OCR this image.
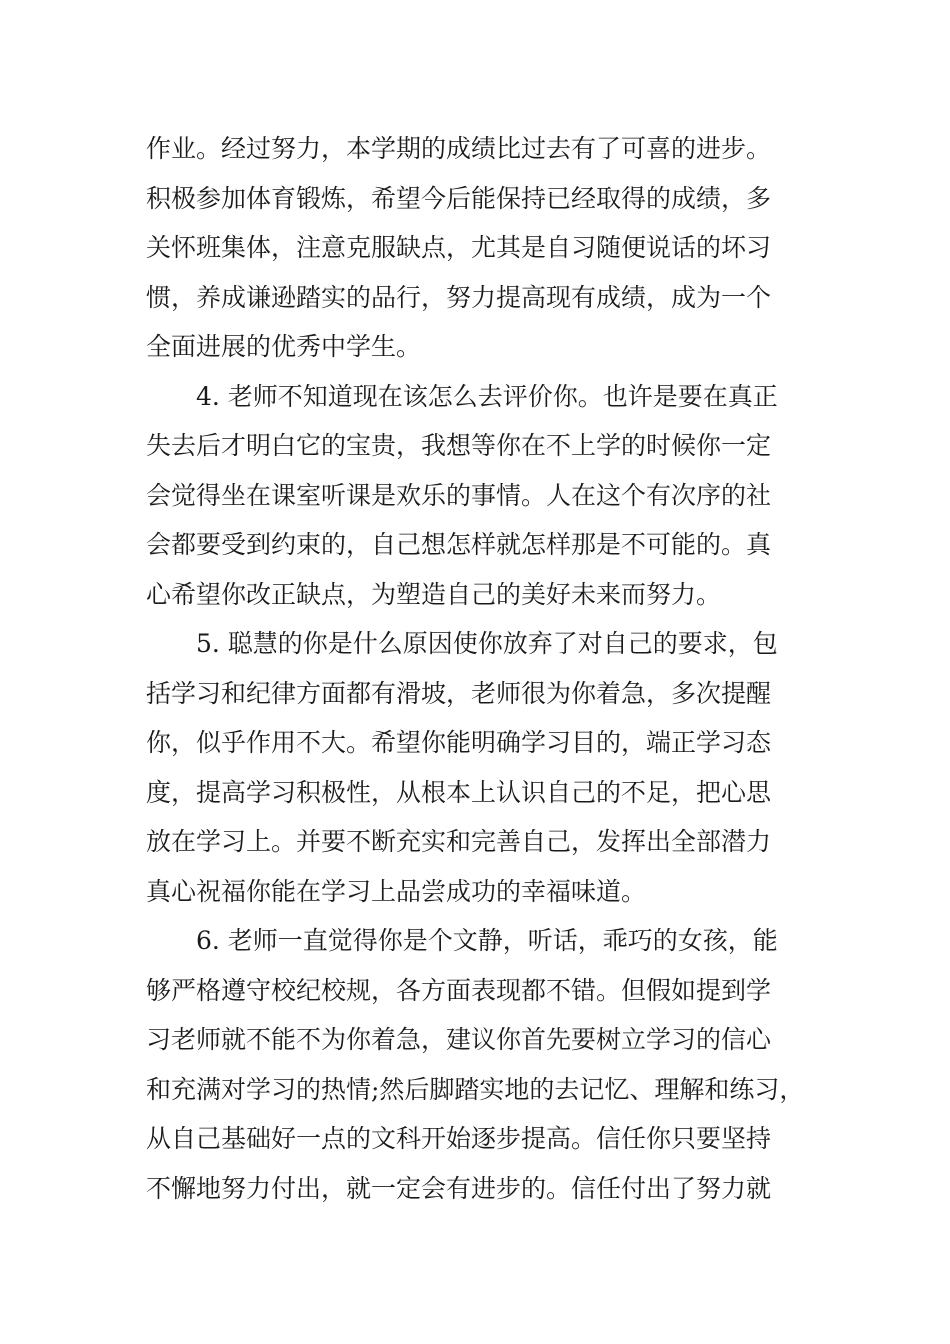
作业。经过努力，本学期的成绩比过去有了可喜的进步。
积极参加体育锻炼，希望今后能保持已经取得的成绩，多
关怀班集体，注意克服缺点，尤其是自习随便说话的坏习
惯，养成谦逊踏实的品行，努力提高现有成绩，成为一个
全面进展的优秀中学生。
4. 老师不知道现在该怎么去评价你。也许是要在真正
失去后才明白它的宝贵，我想等你在不上学的时候你一定
会觉得坐在课室听课是欢乐的事情。人在这个有次序的社
会都要受到约束的，自己想怎样就怎样那是不可能的。真
心希望你改正缺点，为塑造自己的美好未来而努力。
5. 聪慧的你是什么原因使你放弃了对自己的要求，包
括学习和纪律方面都有滑坡，老师很为你着急，多次提醒
你，似乎作用不大。希望你能明确学习目的，端正学习态
度，提高学习积极性，从根本上认识自己的不足，把心思
放在学习上。并要不断充实和完善自己，发挥出全部潜力
真心祝福你能在学习上品尝成功的幸福味道。
6. 老师一直觉得你是个文静，听话，乖巧的女孩，能
够严格遵守校纪校规，各方面表现都不错。但假如提到学
习老师就不能不为你着急，建议你首先要树立学习的信心
和充满对学习的热情;然后脚踏实地的去记忆、理解和练习，
从自己基础好一点的文科开始逐步提高。信任你只要坚持
不懈地努力付出，就一定会有进步的。信任付出了努力就
